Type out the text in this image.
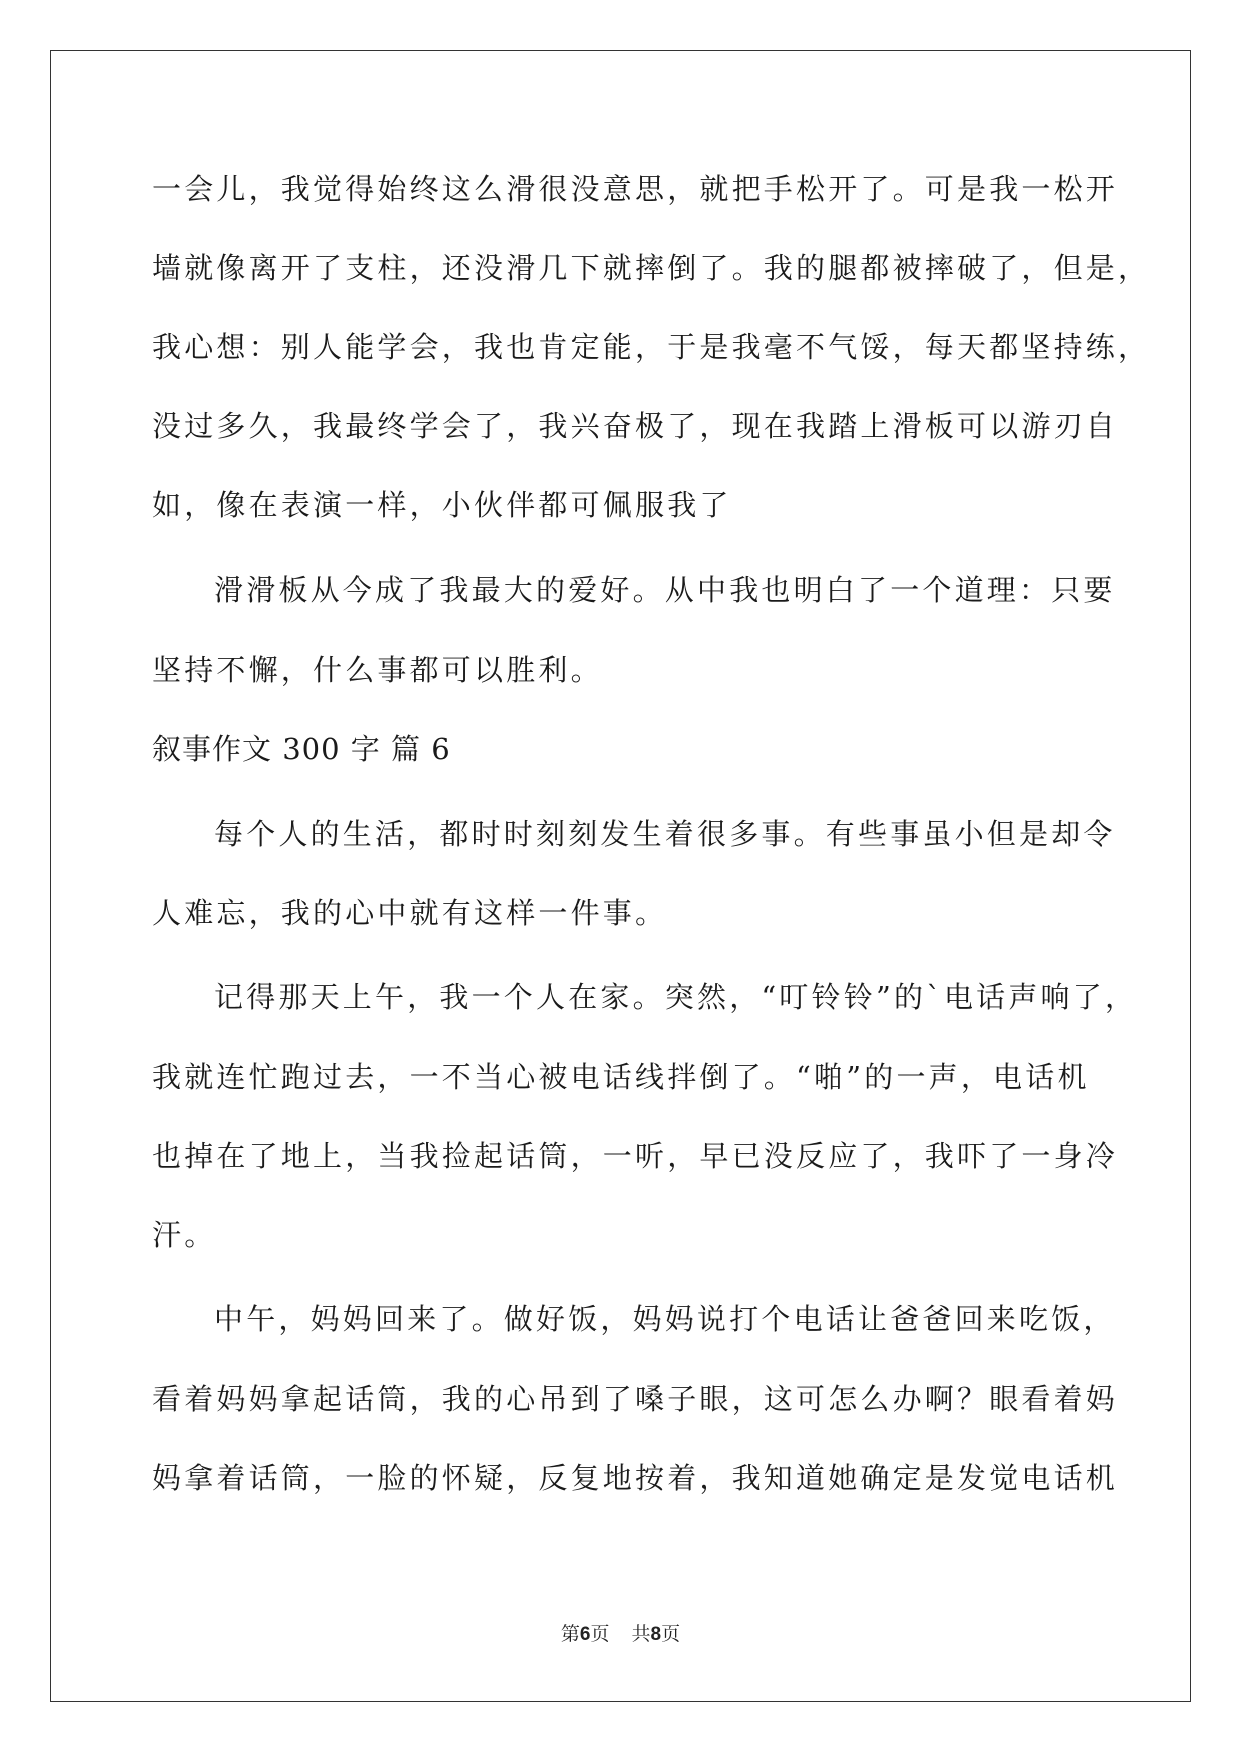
一会儿，我觉得始终这么滑很没意思，就把手松开了。可是我一松开
墙就像离开了支柱，还没滑几下就摔倒了。我的腿都被摔破了，但是，
我心想：别人能学会，我也肯定能，于是我毫不气馁，每天都坚持练，
没过多久，我最终学会了，我兴奋极了，现在我踏上滑板可以游刃自
如，像在表演一样，小伙伴都可佩服我了
滑滑板从今成了我最大的爱好。从中我也明白了一个道理：只要
坚持不懈，什么事都可以胜利。
叙事作文 300 字 篇 6
每个人的生活，都时时刻刻发生着很多事。有些事虽小但是却令
人难忘，我的心中就有这样一件事。
记得那天上午，我一个人在家。突然，“叮铃铃”的`电话声响了，
我就连忙跑过去，一不当心被电话线拌倒了。“啪”的一声，电话机
也掉在了地上，当我捡起话筒，一听，早已没反应了，我吓了一身冷
汗。
中午，妈妈回来了。做好饭，妈妈说打个电话让爸爸回来吃饭，
看着妈妈拿起话筒，我的心吊到了嗓子眼，这可怎么办啊？眼看着妈
妈拿着话筒，一脸的怀疑，反复地按着，我知道她确定是发觉电话机
第6页 共8页
